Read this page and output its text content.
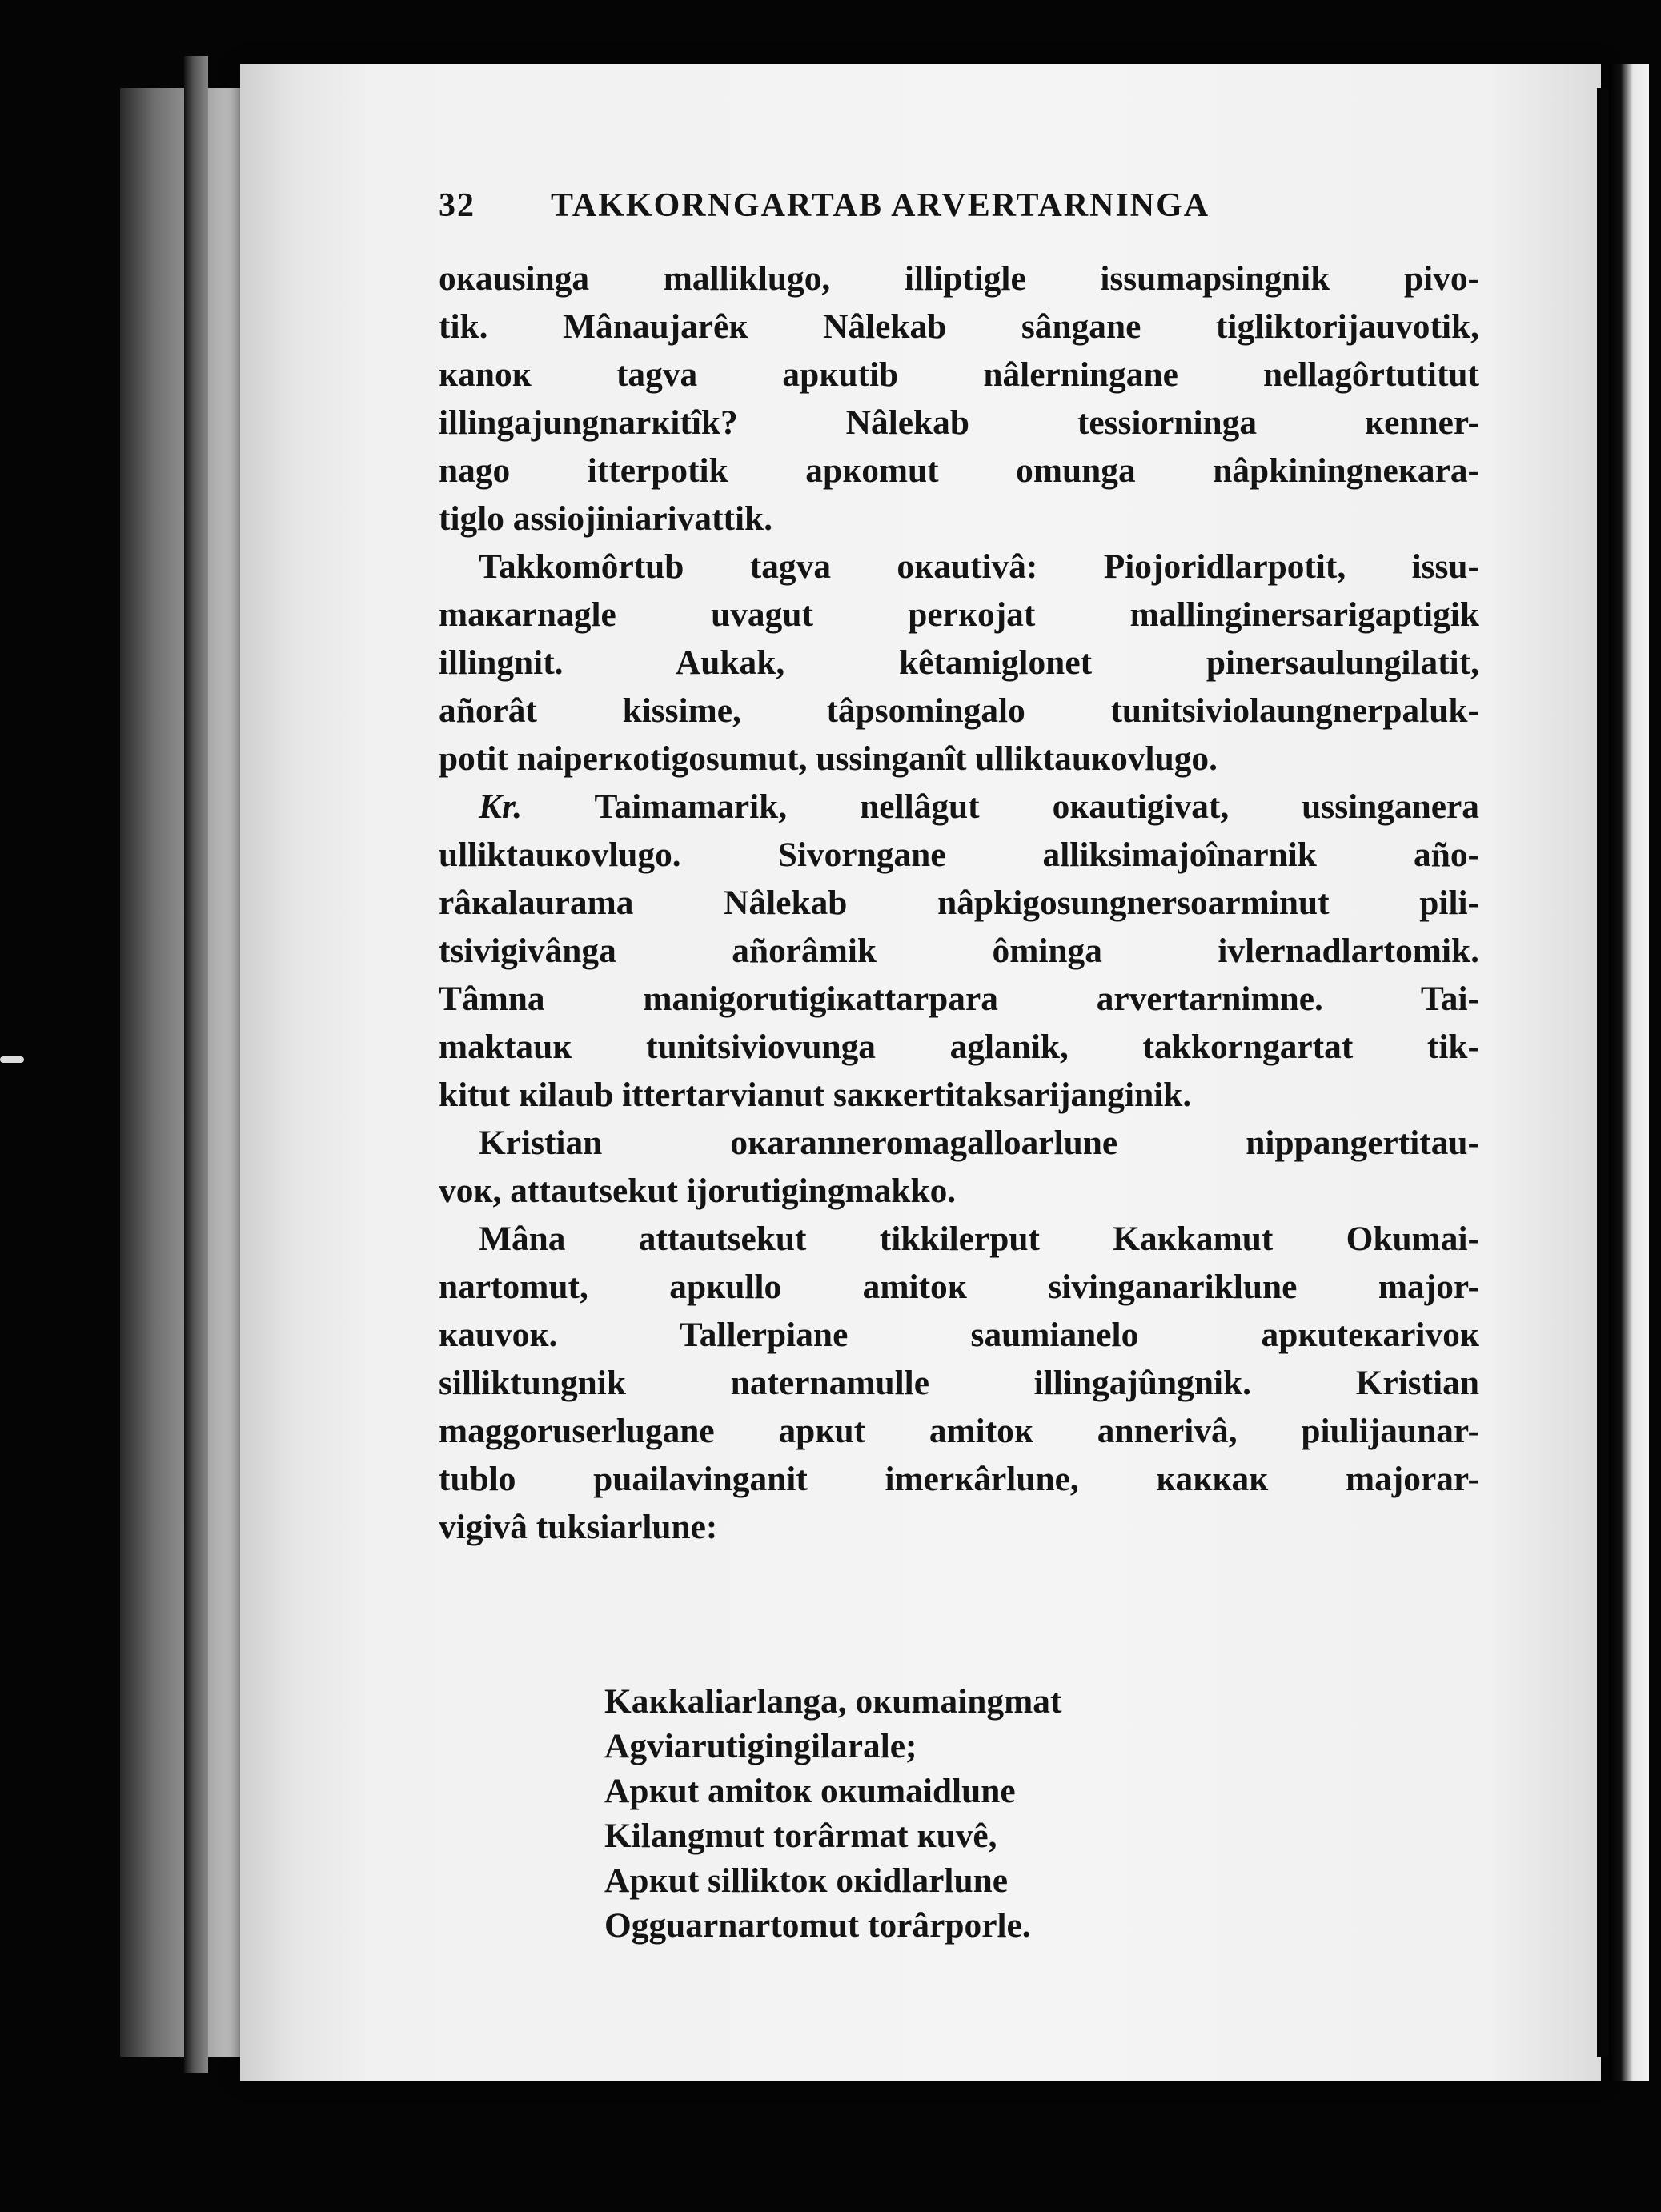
32 TAKKORNGARTAB ARVERTARNINGA
oĸausinga malliklugo, illiptigle issumapsingnik pivo-
tik. Mânaujarêĸ Nâlekab sângane tigliktorijauvotik,
ĸanoĸ tagva apĸutib nâlerningane nellagôrtutitut
illingajungnarĸitîk? Nâlekab tessiorninga ĸenner-
nago itterpotik apĸomut omunga nâpkiningneĸara-
tiglo assiojiniarivattik.
Takkomôrtub tagva oĸautivâ: Piojoridlarpotit, issu-
maĸarnagle uvagut perĸojat mallinginersarigaptigik
illingnit. Aukak, kêtamiglonet pinersaulungilatit,
añorât kissime, tâpsomingalo tunitsiviolaungnerpaluk-
potit naiperĸotigosumut, ussinganît ulliktauĸovlugo.
Kr. Taimamarik, nellâgut oĸautigivat, ussinganera
ulliktauĸovlugo. Sivorngane alliksimajoînarnik año-
râĸalaurama Nâlekab nâpkigosungnersoarminut pili-
tsivigivânga añorâmik ôminga ivlernadlartomik.
Tâmna manigorutigiĸattarpara arvertarnimne. Tai-
maktauĸ tunitsiviovunga aglanik, takkorngartat tik-
kitut ĸilaub ittertarvianut saĸĸertitaksarijanginik.
Kristian oĸaranneromagalloarlune nippangertitau-
voĸ, attautsekut ijorutigingmakko.
Mâna attautsekut tikkilerput Kaĸkamut Okumai-
nartomut, apĸullo amitoĸ sivinganariklune major-
ĸauvoĸ. Tallerpiane saumianelo apĸuteĸarivoĸ
silliktungnik naternamulle illingajûngnik. Kristian
maggoruserlugane apĸut amitoĸ annerivâ, piulijaunar-
tublo puailavinganit imerĸârlune, ĸaĸĸaĸ majorar-
vigivâ tuksiarlune:
Kaĸkaliarlanga, oĸumaingmat
Agviarutigingilarale;
Apĸut amitoĸ oĸumaidlune
Kilangmut torârmat ĸuvê,
Apĸut silliktoĸ oĸidlarlune
Ogguarnartomut torârporle.
